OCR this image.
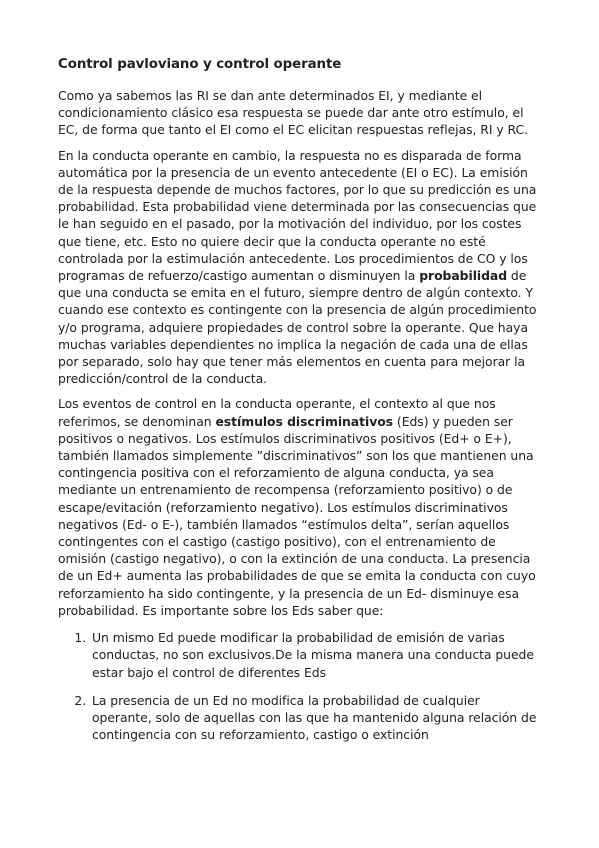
Control pavloviano y control operante

Como ya sabemos las RI se dan ante determinados EI, y mediante el condicionamiento clásico esa respuesta se puede dar ante otro estímulo, el EC, de forma que tanto el EI como el EC elicitan respuestas reflejas, RI y RC.

En la conducta operante en cambio, la respuesta no es disparada de forma automática por la presencia de un evento antecedente (EI o EC). La emisión de la respuesta depende de muchos factores, por lo que su predicción es una probabilidad. Esta probabilidad viene determinada por las consecuencias que le han seguido en el pasado, por la motivación del individuo, por los costes que tiene, etc. Esto no quiere decir que la conducta operante no esté controlada por la estimulación antecedente. Los procedimientos de CO y los programas de refuerzo/castigo aumentan o disminuyen la probabilidad de que una conducta se emita en el futuro, siempre dentro de algún contexto. Y cuando ese contexto es contingente con la presencia de algún procedimiento y/o programa, adquiere propiedades de control sobre la operante. Que haya muchas variables dependientes no implica la negación de cada una de ellas por separado, solo hay que tener más elementos en cuenta para mejorar la predicción/control de la conducta.

Los eventos de control en la conducta operante, el contexto al que nos referimos, se denominan estímulos discriminativos (Eds) y pueden ser positivos o negativos. Los estímulos discriminativos positivos (Ed+ o E+), también llamados simplemente ”discriminativos” son los que mantienen una contingencia positiva con el reforzamiento de alguna conducta, ya sea mediante un entrenamiento de recompensa (reforzamiento positivo) o de escape/evitación (reforzamiento negativo). Los estímulos discriminativos negativos (Ed- o E-), también llamados “estímulos delta”, serían aquellos contingentes con el castigo (castigo positivo), con el entrenamiento de omisión (castigo negativo), o con la extinción de una conducta. La presencia de un Ed+ aumenta las probabilidades de que se emita la conducta con cuyo reforzamiento ha sido contingente, y la presencia de un Ed- disminuye esa probabilidad. Es importante sobre los Eds saber que:

1. Un mismo Ed puede modificar la probabilidad de emisión de varias conductas, no son exclusivos.De la misma manera una conducta puede estar bajo el control de diferentes Eds
2. La presencia de un Ed no modifica la probabilidad de cualquier operante, solo de aquellas con las que ha mantenido alguna relación de contingencia con su reforzamiento, castigo o extinción
